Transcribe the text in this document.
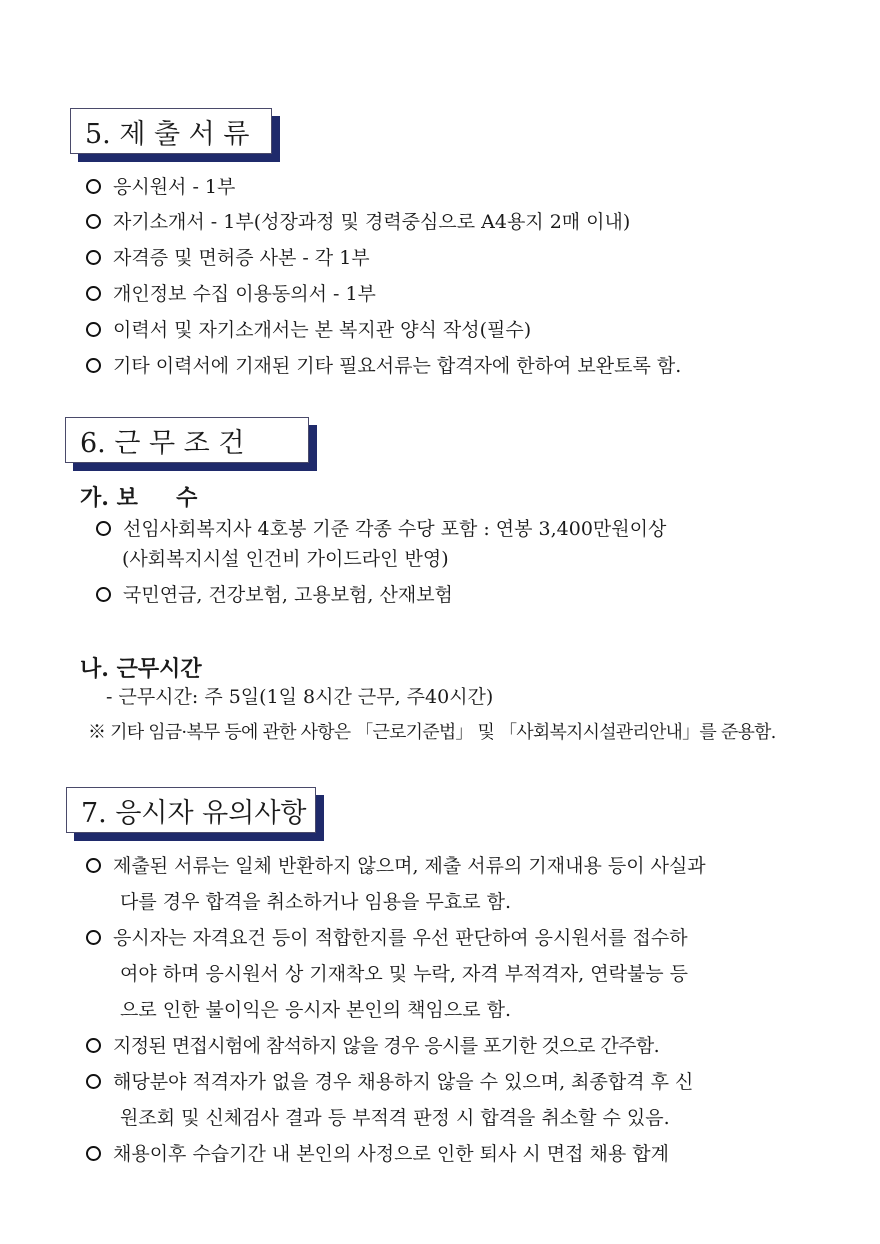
5. 제 출 서 류
응시원서 - 1부
자기소개서 - 1부(성장과정 및 경력중심으로 A4용지 2매 이내)
자격증 및 면허증 사본 - 각 1부
개인정보 수집 이용동의서 - 1부
이력서 및 자기소개서는 본 복지관 양식 작성(필수)
기타 이력서에 기재된 기타 필요서류는 합격자에 한하여 보완토록 함.
6. 근 무 조 건
가. 보     수
선임사회복지사 4호봉 기준 각종 수당 포함 : 연봉 3,400만원이상
(사회복지시설 인건비 가이드라인 반영)
국민연금, 건강보험, 고용보험, 산재보험
나. 근무시간
- 근무시간: 주 5일(1일 8시간 근무, 주40시간)
※ 기타 임금·복무 등에 관한 사항은 「근로기준법」 및 「사회복지시설관리안내」를 준용함.
7. 응시자 유의사항
제출된 서류는 일체 반환하지 않으며, 제출 서류의 기재내용 등이 사실과
다를 경우 합격을 취소하거나 임용을 무효로 함.
응시자는 자격요건 등이 적합한지를 우선 판단하여 응시원서를 접수하
여야 하며 응시원서 상 기재착오 및 누락, 자격 부적격자, 연락불능 등
으로 인한 불이익은 응시자 본인의 책임으로 함.
지정된 면접시험에 참석하지 않을 경우 응시를 포기한 것으로 간주함.
해당분야 적격자가 없을 경우 채용하지 않을 수 있으며, 최종합격 후 신
원조회 및 신체검사 결과 등 부적격 판정 시 합격을 취소할 수 있음.
채용이후 수습기간 내 본인의 사정으로 인한 퇴사 시 면접 채용 합계
